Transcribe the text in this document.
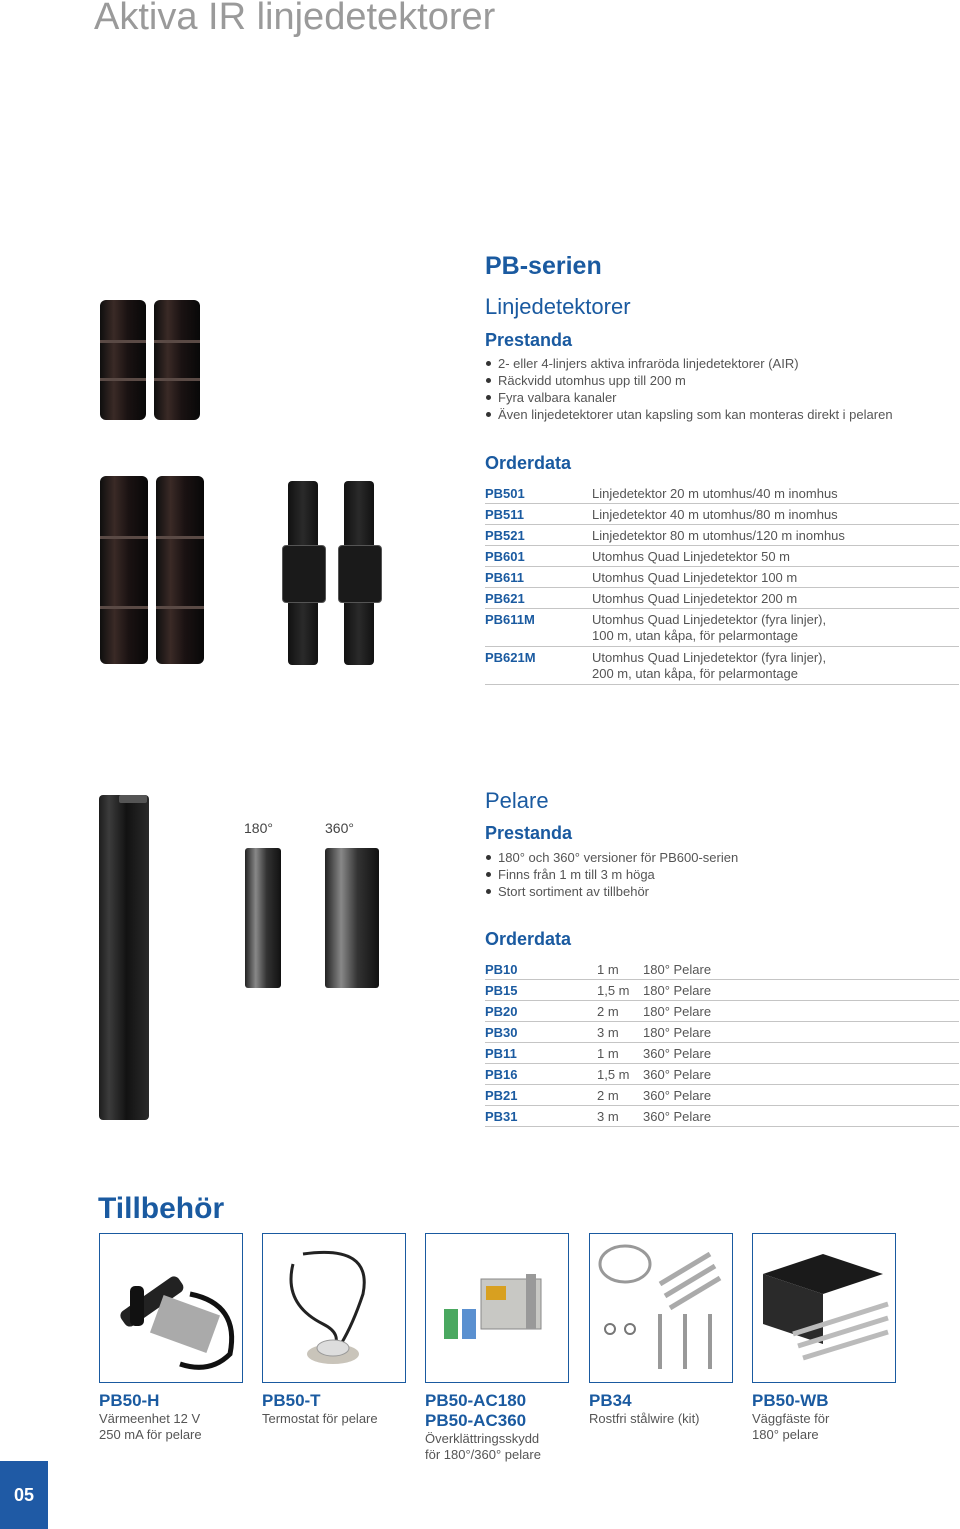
Aktiva IR linjedetektorer
PB-serien
Linjedetektorer
Prestanda
2- eller 4-linjers aktiva infraröda linjedetektorer (AIR)
Räckvidd utomhus upp till 200 m
Fyra valbara kanaler
Även linjedetektorer utan kapsling som kan monteras direkt i pelaren
Orderdata
PB501	Linjedetektor 20 m utomhus/40 m inomhus
PB511	Linjedetektor 40 m utomhus/80 m inomhus
PB521	Linjedetektor 80 m utomhus/120 m inomhus
PB601	Utomhus Quad Linjedetektor 50 m
PB611	Utomhus Quad Linjedetektor 100 m
PB621	Utomhus Quad Linjedetektor 200 m
PB611M	Utomhus Quad Linjedetektor (fyra linjer),
100 m, utan kåpa, för pelarmontage
PB621M	Utomhus Quad Linjedetektor (fyra linjer),
200 m, utan kåpa, för pelarmontage
180°	360°
Pelare
Prestanda
180° och 360° versioner för PB600-serien
Finns från 1 m till 3 m höga
Stort sortiment av tillbehör
Orderdata
PB10	1 m 180° Pelare
PB15	1,5 m 180° Pelare
PB20	2 m 180° Pelare
PB30	3 m 180° Pelare
PB11	1 m 360° Pelare
PB16	1,5 m 360° Pelare
PB21	2 m 360° Pelare
PB31	3 m 360° Pelare
Tillbehör
PB50-H
Värmeenhet 12 V
250 mA för pelare
PB50-T
Termostat för pelare
PB50-AC180
PB50-AC360
Överklättringsskydd
för 180°/360° pelare
PB34
Rostfri stålwire (kit)
PB50-WB
Väggfäste för
180° pelare
05
